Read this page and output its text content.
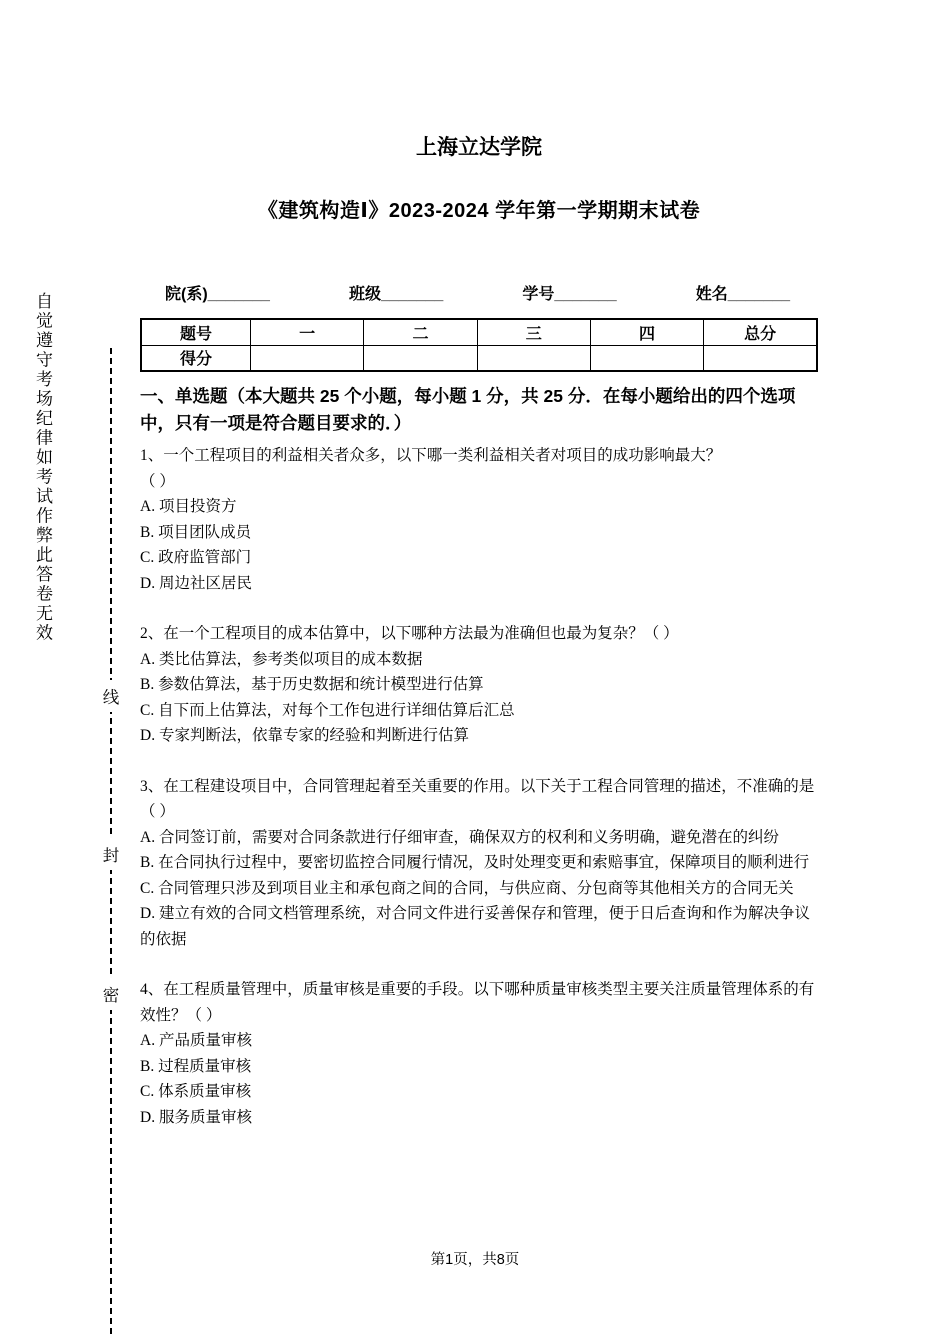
自觉遵守考场纪律如考试作弊此答卷无效
线
封
密
上海立达学院
《建筑构造Ⅰ》2023-2024 学年第一学期期末试卷
院(系)_______	班级_______	学号_______	姓名_______
题号	一	二	三	四	总分
得分					
一、单选题（本大题共 25 个小题，每小题 1 分，共 25 分．在每小题给出的四个选项中，只有一项是符合题目要求的．）
1、一个工程项目的利益相关者众多，以下哪一类利益相关者对项目的成功影响最大？
（ ）
A. 项目投资方
B. 项目团队成员
C. 政府监管部门
D. 周边社区居民
2、在一个工程项目的成本估算中，以下哪种方法最为准确但也最为复杂？（ ）
A. 类比估算法，参考类似项目的成本数据
B. 参数估算法，基于历史数据和统计模型进行估算
C. 自下而上估算法，对每个工作包进行详细估算后汇总
D. 专家判断法，依靠专家的经验和判断进行估算
3、在工程建设项目中，合同管理起着至关重要的作用。以下关于工程合同管理的描述，不准确的是（ ）
A. 合同签订前，需要对合同条款进行仔细审查，确保双方的权利和义务明确，避免潜在的纠纷
B. 在合同执行过程中，要密切监控合同履行情况，及时处理变更和索赔事宜，保障项目的顺利进行
C. 合同管理只涉及到项目业主和承包商之间的合同，与供应商、分包商等其他相关方的合同无关
D. 建立有效的合同文档管理系统，对合同文件进行妥善保存和管理，便于日后查询和作为解决争议的依据
4、在工程质量管理中，质量审核是重要的手段。以下哪种质量审核类型主要关注质量管理体系的有效性？（ ）
A. 产品质量审核
B. 过程质量审核
C. 体系质量审核
D. 服务质量审核
第1页，共8页
